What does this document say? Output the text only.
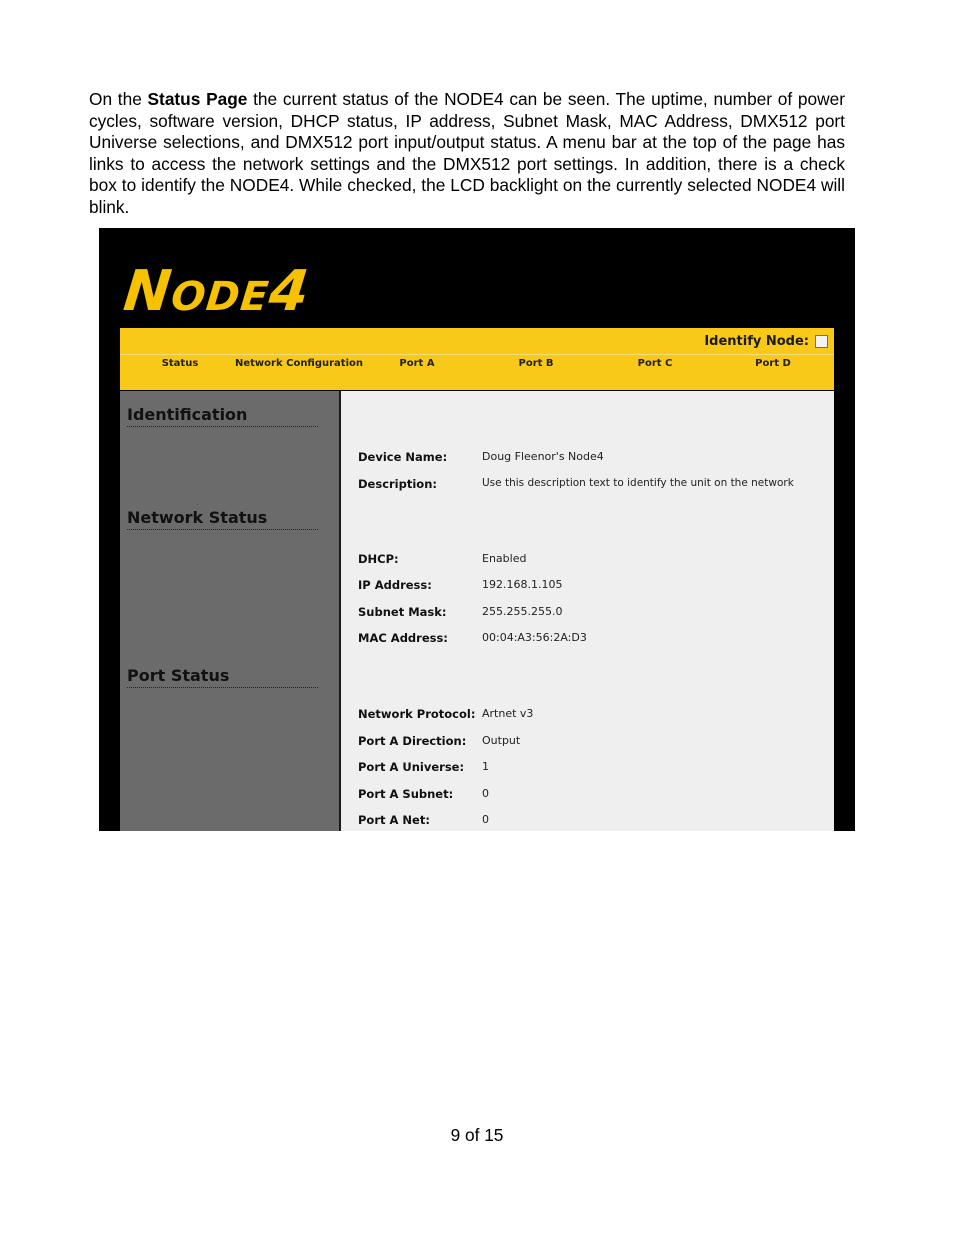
On the Status Page the current status of the NODE4 can be seen. The uptime, number of power cycles, software version, DHCP status, IP address, Subnet Mask, MAC Address, DMX512 port Universe selections, and DMX512 port input/output status. A menu bar at the top of the page has links to access the network settings and the DMX512 port settings. In addition, there is a check box to identify the NODE4. While checked, the LCD backlight on the currently selected NODE4 will blink.

NODE4
Identify Node:
Status	Network Configuration	Port A	Port B	Port C	Port D
Identification
Network Status
Port Status
Device Name:	Doug Fleenor's Node4
Description:	Use this description text to identify the unit on the network
DHCP:	Enabled
IP Address:	192.168.1.105
Subnet Mask:	255.255.255.0
MAC Address:	00:04:A3:56:2A:D3
Network Protocol: Artnet v3
Port A Direction: Output
Port A Universe: 1
Port A Subnet:	0
Port A Net:	0
9 of 15
